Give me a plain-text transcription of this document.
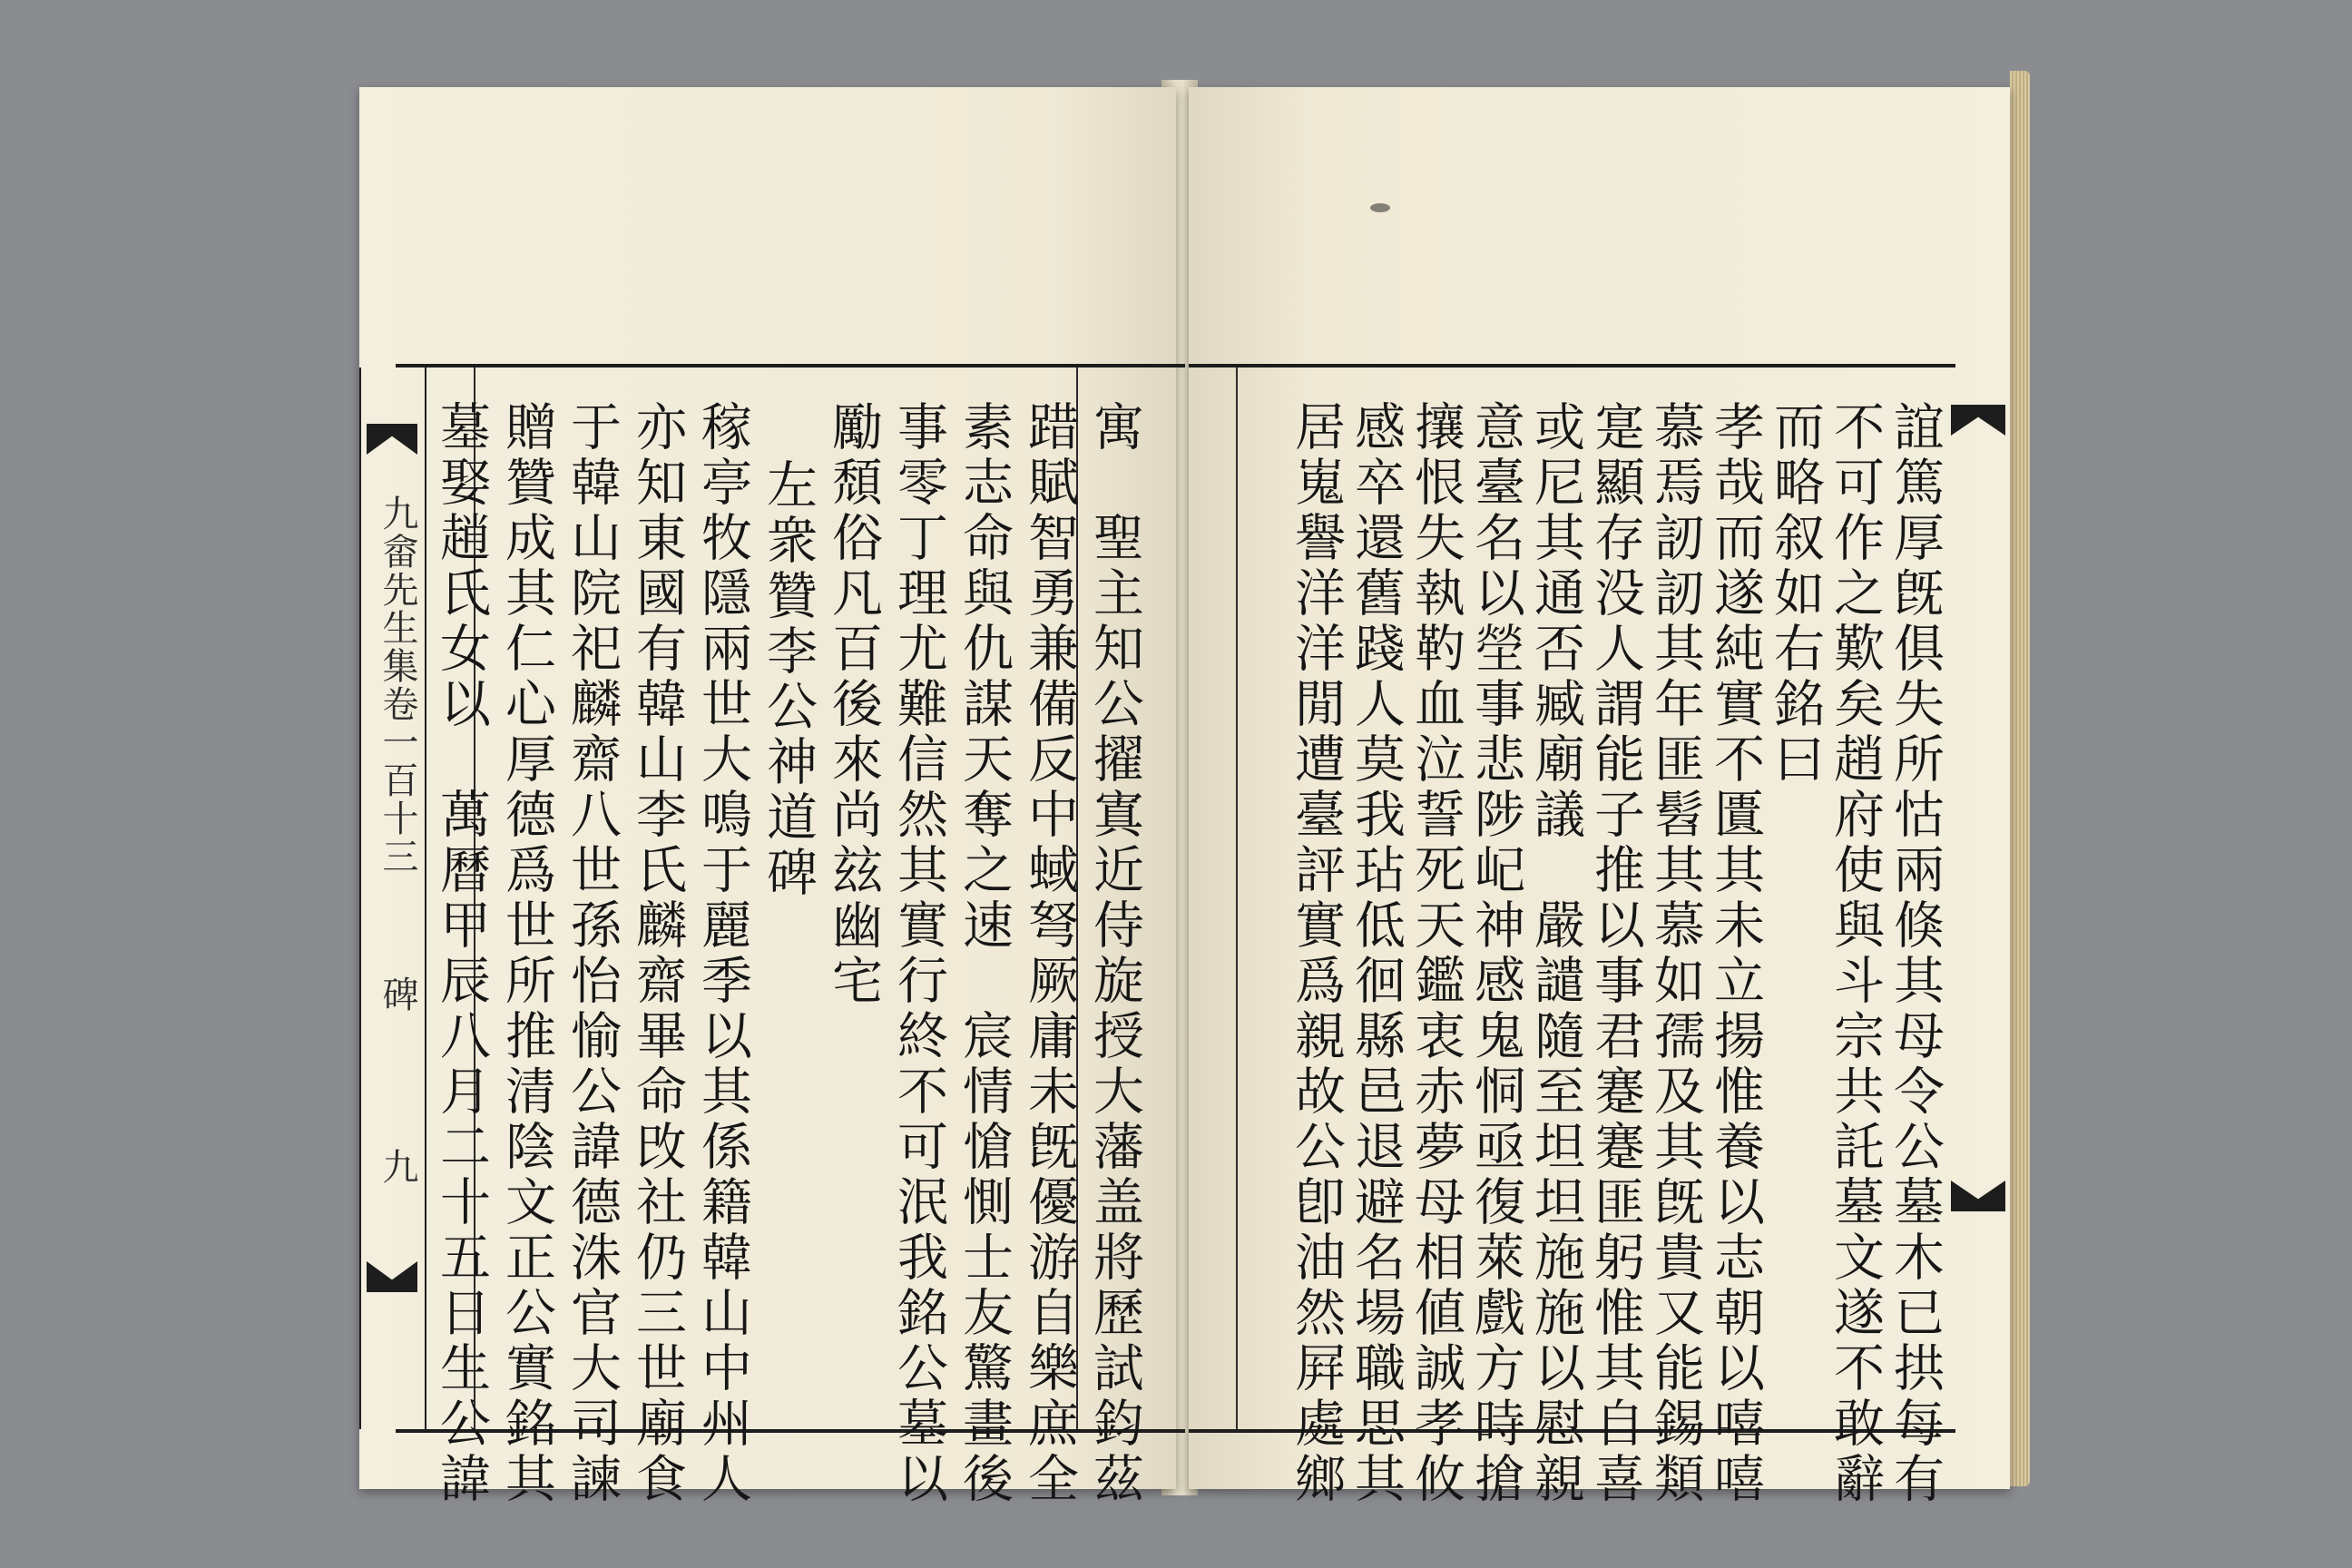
九畲先生集卷一百十三
碑
九	寓　聖主知公擢寘近侍旋授大藩盖將歷試鈞茲
踖賦智勇兼備反中蜮弩厥庸未旣優游自樂庶全
素志命與仇謀天奪之速　宸情愴惻士友驚畫後
事零丁理尤難信然其實行終不可泯我銘公墓以
勵頹俗凡百後來尚玆幽宅
左衆贊李公神道碑
稼亭牧隱兩世大鳴于麗季以其係籍韓山中州人
亦知東國有韓山李氏麟齋畢命攺社仍三世廟食
于韓山院祀麟齋八世孫怡愉公諱德洙官大司諫
贈贊成其仁心厚德爲世所推清陰文正公實銘其
墓娶趙氏女以　萬曆甲辰八月二十五日生公諱	誼篤厚旣俱失所怙兩倏其母令公墓木已拱每有
不可作之歎矣趙府使與斗宗共託墓文遂不敢辭
而略叙如右銘曰
孝哉而遂純實不匱其未立揚惟養以志朝以嘻嘻
慕焉訒訒其年匪髫其慕如孺及其旣貴又能錫類
寔顯存没人謂能子推以事君蹇蹇匪躬惟其自喜
或尼其通否臧廟議　嚴譴隨至坦坦施施以慰親
意臺名以塋事悲陟屺神感鬼恫亟復萊戲方時搶
攘恨失執靮血泣誓死天鑑衷赤夢母相値誠孝攸
感卒還舊踐人莫我玷低徊縣邑退避名場職思其
居嵬譽洋洋閒遭臺評實爲親故公卽油然屛處鄉
